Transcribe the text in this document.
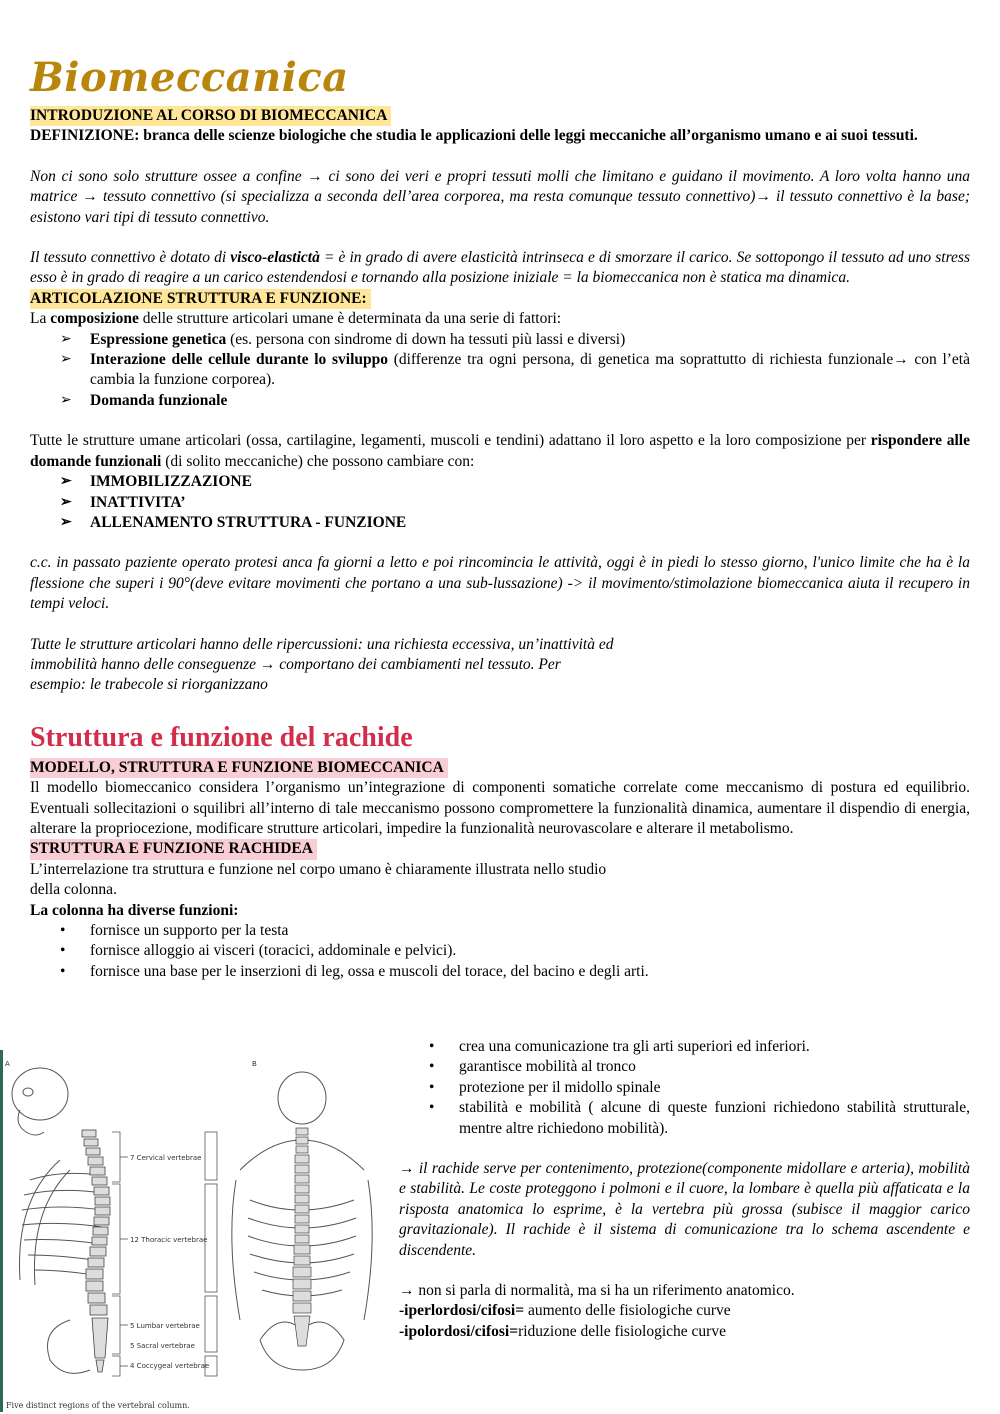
Biomeccanica
INTRODUZIONE AL CORSO DI BIOMECCANICA

DEFINIZIONE: branca delle scienze biologiche che studia le applicazioni delle leggi meccaniche all’organismo umano e ai suoi tessuti.

Non ci sono solo strutture ossee a confine → ci sono dei veri e propri tessuti molli che limitano e guidano il movimento. A loro volta hanno una matrice → tessuto connettivo (si specializza a seconda dell’area corporea, ma resta comunque tessuto connettivo)→ il tessuto connettivo è la base; esistono vari tipi di tessuto connettivo.

Il tessuto connettivo è dotato di visco-elastictà = è in grado di avere elasticità intrinseca e di smorzare il carico. Se sottopongo il tessuto ad uno stress esso è in grado di reagire a un carico estendendosi e tornando alla posizione iniziale = la biomeccanica non è statica ma dinamica.

ARTICOLAZIONE STRUTTURA E FUNZIONE:

La composizione delle strutture articolari umane è determinata da una serie di fattori:

➢ Espressione genetica (es. persona con sindrome di down ha tessuti più lassi e diversi)
➢ Interazione delle cellule durante lo sviluppo (differenze tra ogni persona, di genetica ma soprattutto di richiesta funzionale→ con l’età cambia la funzione corporea).
➢ Domanda funzionale

Tutte le strutture umane articolari (ossa, cartilagine, legamenti, muscoli e tendini) adattano il loro aspetto e la loro composizione per rispondere alle domande funzionali (di solito meccaniche) che possono cambiare con:

➢ IMMOBILIZZAZIONE
➢ INATTIVITA’
➢ ALLENAMENTO STRUTTURA - FUNZIONE

c.c. in passato paziente operato protesi anca fa giorni a letto e poi rincomincia le attività, oggi è in piedi lo stesso giorno, l'unico limite che ha è la flessione che superi i 90°(deve evitare movimenti che portano a una sub-lussazione) -> il movimento/stimolazione biomeccanica aiuta il recupero in tempi veloci.

Tutte le strutture articolari hanno delle ripercussioni: una richiesta eccessiva, un’inattività ed
immobilità hanno delle conseguenze → comportano dei cambiamenti nel tessuto. Per
esempio: le trabecole si riorganizzano

Struttura e funzione del rachide
MODELLO, STRUTTURA E FUNZIONE BIOMECCANICA

Il modello biomeccanico considera l’organismo un’integrazione di componenti somatiche correlate come meccanismo di postura ed equilibrio. Eventuali sollecitazioni o squilibri all’interno di tale meccanismo possono compromettere la funzionalità dinamica, aumentare il dispendio di energia, alterare la propriocezione, modificare strutture articolari, impedire la funzionalità neurovascolare e alterare il metabolismo.

STRUTTURA E FUNZIONE RACHIDEA

L’interrelazione tra struttura e funzione nel corpo umano è chiaramente illustrata nello studio
della colonna.

La colonna ha diverse funzioni:

• fornisce un supporto per la testa
• fornisce alloggio ai visceri (toracici, addominale e pelvici).
• fornisce una base per le inserzioni di leg, ossa e muscoli del torace, del bacino e degli arti.
A	B
7 Cervical vertebrae
12 Thoracic vertebrae
5 Lumbar vertebrae
5 Sacral vertebrae
4 Coccygeal vertebrae
Five distinct regions of the vertebral column.
• crea una comunicazione tra gli arti superiori ed inferiori.
• garantisce mobilità al tronco
• protezione per il midollo spinale
• stabilità e mobilità ( alcune di queste funzioni richiedono stabilità strutturale, mentre altre richiedono mobilità).

→ il rachide serve per contenimento, protezione(componente midollare e arteria), mobilità e stabilità. Le coste proteggono i polmoni e il cuore, la lombare è quella più affaticata e la risposta anatomica lo esprime, è la vertebra più grossa (subisce il maggior carico gravitazionale). Il rachide è il sistema di comunicazione tra lo schema ascendente e discendente.

→ non si parla di normalità, ma si ha un riferimento anatomico.

-iperlordosi/cifosi= aumento delle fisiologiche curve

-ipolordosi/cifosi=riduzione delle fisiologiche curve
